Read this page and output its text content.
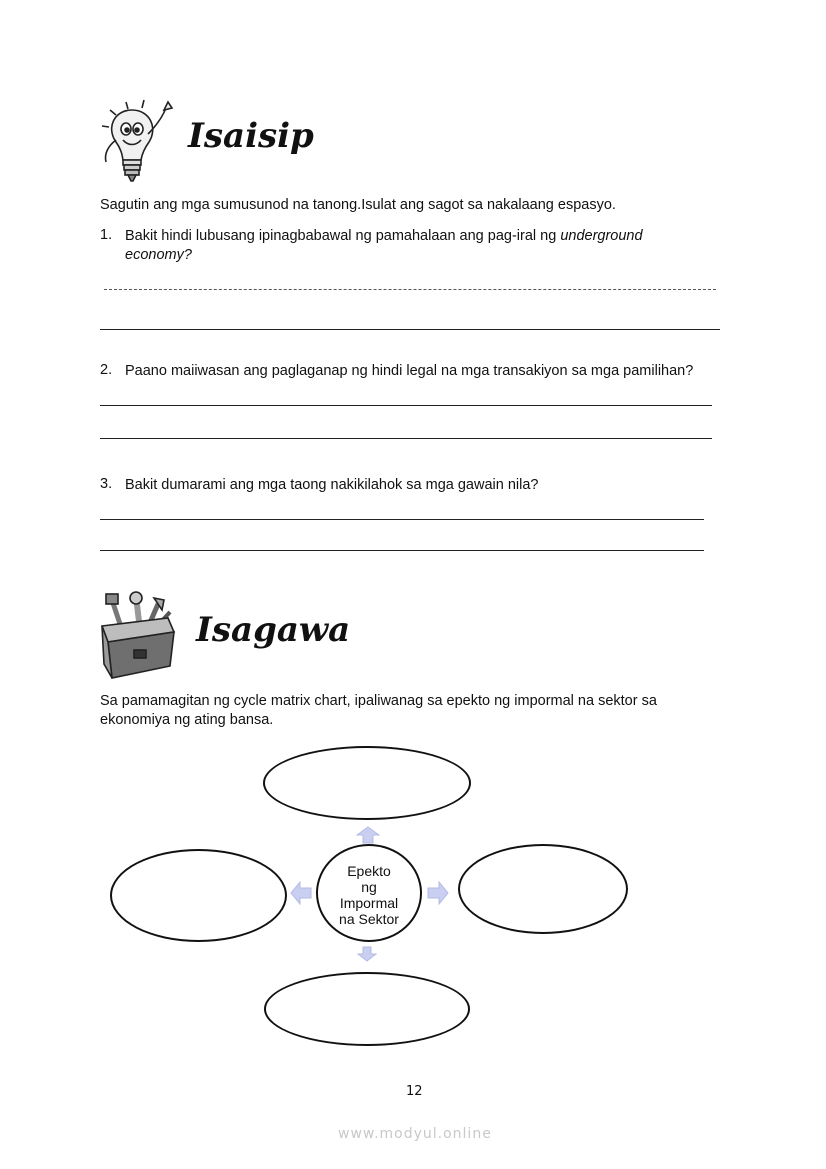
Isaisip
Sagutin ang mga sumusunod na tanong.Isulat ang sagot sa nakalaang espasyo.
1. Bakit hindi lubusang ipinagbabawal ng pamahalaan ang pag-iral ng underground economy?
2. Paano maiiwasan ang paglaganap ng hindi legal na mga transakiyon sa mga pamilihan?
3. Bakit dumarami ang mga taong nakikilahok sa mga gawain nila?
Isagawa
Sa pamamagitan ng cycle matrix chart, ipaliwanag sa epekto ng impormal na sektor sa ekonomiya ng ating bansa.
Epekto
ng
Impormal
na Sektor
12
www.modyul.online
